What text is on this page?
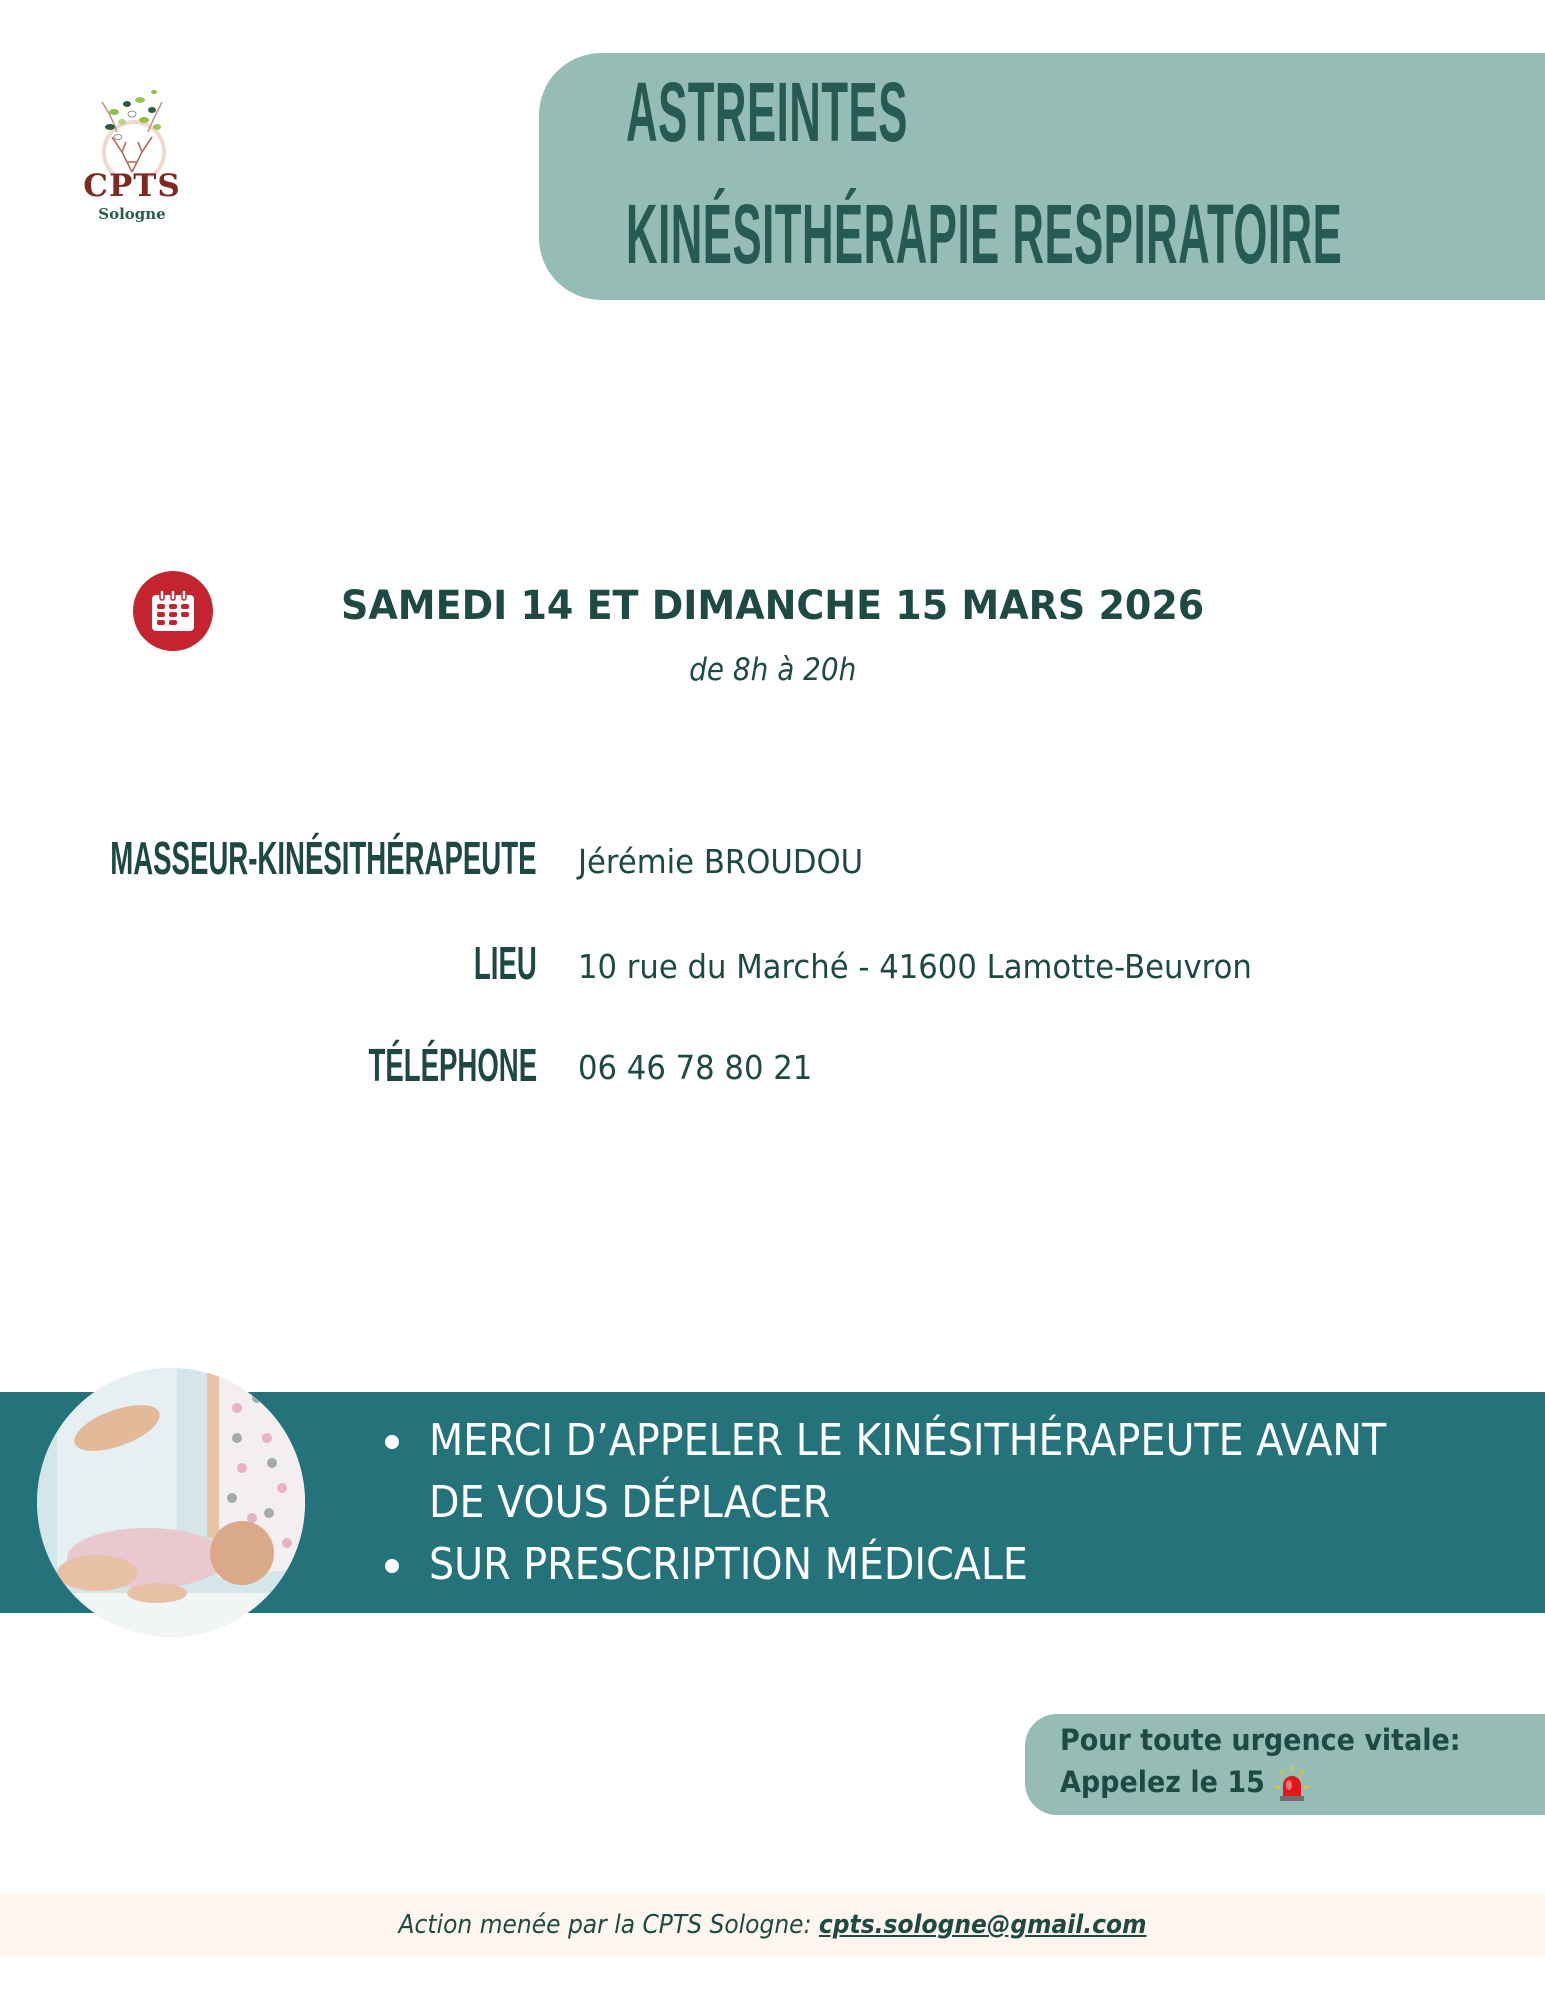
CPTS
Sologne
ASTREINTES
KINÉSITHÉRAPIE RESPIRATOIRE
SAMEDI 14 ET DIMANCHE 15 MARS 2026
de 8h à 20h
MASSEUR-KINÉSITHÉRAPEUTE Jérémie BROUDOU
LIEU 10 rue du Marché - 41600 Lamotte-Beuvron
TÉLÉPHONE 06 46 78 80 21
MERCI D’APPELER LE KINÉSITHÉRAPEUTE AVANT
DE VOUS DÉPLACER
SUR PRESCRIPTION MÉDICALE
Pour toute urgence vitale:
Appelez le 15
Action menée par la CPTS Sologne: cpts.sologne@gmail.com
